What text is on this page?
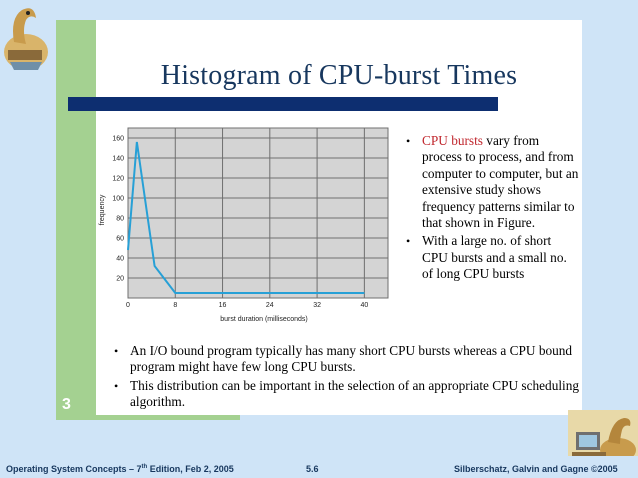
Histogram of CPU-burst Times
0	8	16	24	32	40
20
40
60
80
100
120
140
160
burst duration (milliseconds)
frequency
• CPU bursts vary from process to process, and from computer to computer, but an extensive study shows frequency patterns similar to that shown in Figure.
• With a large no. of short CPU bursts and a small no. of long CPU bursts
• An I/O bound program typically has many short CPU bursts whereas a CPU bound program might have few long CPU bursts.
• This distribution can be important in the selection of an appropriate CPU scheduling algorithm.
3
Operating System Concepts – 7th Edition, Feb 2, 2005	5.6	Silberschatz, Galvin and Gagne ©2005
